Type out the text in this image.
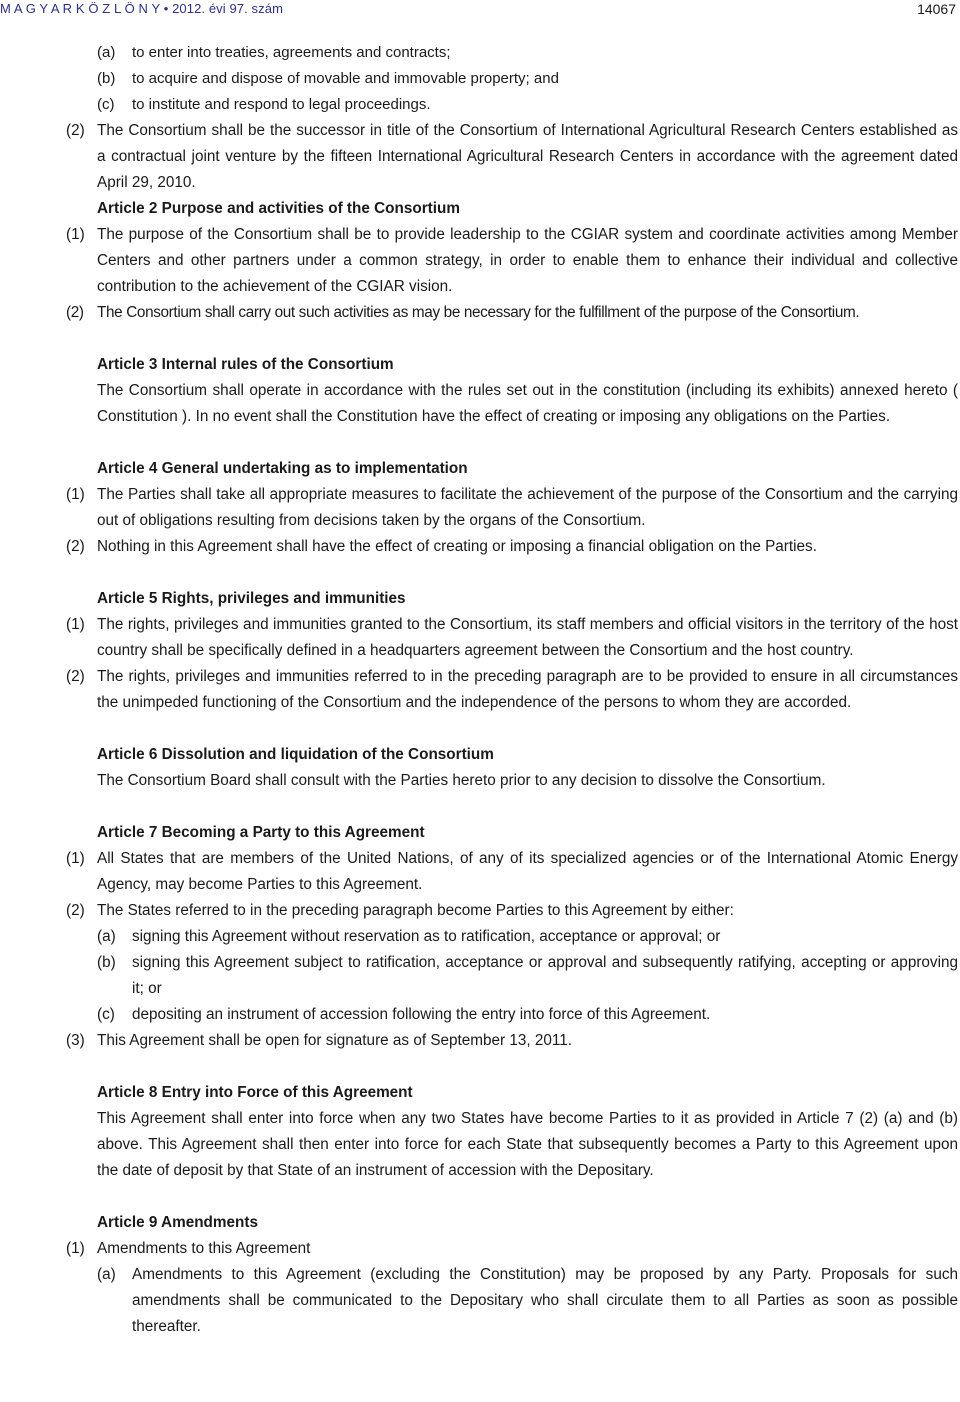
M A G Y A R K Ö Z L Ö N Y • 2012. évi 97. szám	14067
(a) to enter into treaties, agreements and contracts;
(b) to acquire and dispose of movable and immovable property; and
(c) to institute and respond to legal proceedings.
(2) The Consortium shall be the successor in title of the Consortium of International Agricultural Research Centers established as a contractual joint venture by the fifteen International Agricultural Research Centers in accordance with the agreement dated April 29, 2010.
Article 2 Purpose and activities of the Consortium
(1) The purpose of the Consortium shall be to provide leadership to the CGIAR system and coordinate activities among Member Centers and other partners under a common strategy, in order to enable them to enhance their individual and collective contribution to the achievement of the CGIAR vision.
(2) The Consortium shall carry out such activities as may be necessary for the fulfillment of the purpose of the Consortium.
Article 3 Internal rules of the Consortium
The Consortium shall operate in accordance with the rules set out in the constitution (including its exhibits) annexed hereto ( Constitution ). In no event shall the Constitution have the effect of creating or imposing any obligations on the Parties.
Article 4 General undertaking as to implementation
(1) The Parties shall take all appropriate measures to facilitate the achievement of the purpose of the Consortium and the carrying out of obligations resulting from decisions taken by the organs of the Consortium.
(2) Nothing in this Agreement shall have the effect of creating or imposing a financial obligation on the Parties.
Article 5 Rights, privileges and immunities
(1) The rights, privileges and immunities granted to the Consortium, its staff members and official visitors in the territory of the host country shall be specifically defined in a headquarters agreement between the Consortium and the host country.
(2) The rights, privileges and immunities referred to in the preceding paragraph are to be provided to ensure in all circumstances the unimpeded functioning of the Consortium and the independence of the persons to whom they are accorded.
Article 6 Dissolution and liquidation of the Consortium
The Consortium Board shall consult with the Parties hereto prior to any decision to dissolve the Consortium.
Article 7 Becoming a Party to this Agreement
(1) All States that are members of the United Nations, of any of its specialized agencies or of the International Atomic Energy Agency, may become Parties to this Agreement.
(2) The States referred to in the preceding paragraph become Parties to this Agreement by either:
(a) signing this Agreement without reservation as to ratification, acceptance or approval; or
(b) signing this Agreement subject to ratification, acceptance or approval and subsequently ratifying, accepting or approving it; or
(c) depositing an instrument of accession following the entry into force of this Agreement.
(3) This Agreement shall be open for signature as of September 13, 2011.
Article 8 Entry into Force of this Agreement
This Agreement shall enter into force when any two States have become Parties to it as provided in Article 7 (2) (a) and (b) above. This Agreement shall then enter into force for each State that subsequently becomes a Party to this Agreement upon the date of deposit by that State of an instrument of accession with the Depositary.
Article 9 Amendments
(1) Amendments to this Agreement
(a) Amendments to this Agreement (excluding the Constitution) may be proposed by any Party. Proposals for such amendments shall be communicated to the Depositary who shall circulate them to all Parties as soon as possible thereafter.
